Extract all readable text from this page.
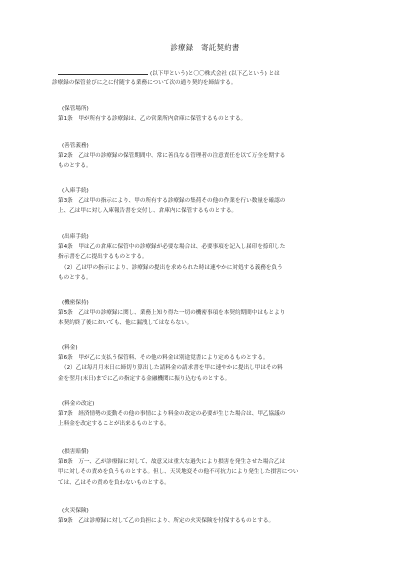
診療録　寄託契約書
(以下甲という)と〇〇株式会社 (以下乙という) とは
診療録の保管並びに之に付随する業務について次の通り契約を締結する。
(保管場所)
第1条　甲が所有する診療録は、乙の営業所内倉庫に保管するものとする。
(善管義務)
第2条　乙は甲の診療録の保管期間中、常に善良なる管理者の注意責任を以て万全を期する
ものとする。
(入庫手続)
第3条　乙は甲の指示により、甲の所有する診療録の集荷その他の作業を行い数量を確認の
上、乙は甲に対し入庫報告書を交付し、倉庫内に保管するものとする。
(出庫手続)
第4条　甲は乙の倉庫に保管中の診療録が必要な場合は、必要事項を記入し届印を捺印した
指示書を乙に提出するものとする。
（2）乙は甲の指示により、診療録の提出を求められた時は速やかに対処する義務を負う
ものとする。
(機密保持)
第5条　乙は甲の診療録に関し、業務上知り得た一切の機密事項を本契約期間中はもとより
本契約終了後においても、他に漏洩してはならない。
(料金)
第6条　甲が乙に支払う保管料、その他の料金は別途覚書により定めるものとする。
（2）乙は毎月月末日に締切り算出した請料金の請求書を甲に速やかに提出し甲はその料
金を翌月(末日)までに乙の指定する金融機関に振り込むものとする。
(料金の改定)
第7条　経済情勢の変動その他の事情により料金の改定の必要が生じた場合は、甲乙協議の
上料金を改定することが出来るものとする。
(損害賠償)
第8条　万一、乙が診療録に対して、故意又は重大な過失により損害を発生させた場合乙は
甲に対しその責めを負うものとする。但し、天災地変その他不可抗力により発生した損害につい
ては、乙はその責めを負わないものとする。
(火災保険)
第9条　乙は診療録に対して乙の負担により、所定の火災保険を付保するものとする。
